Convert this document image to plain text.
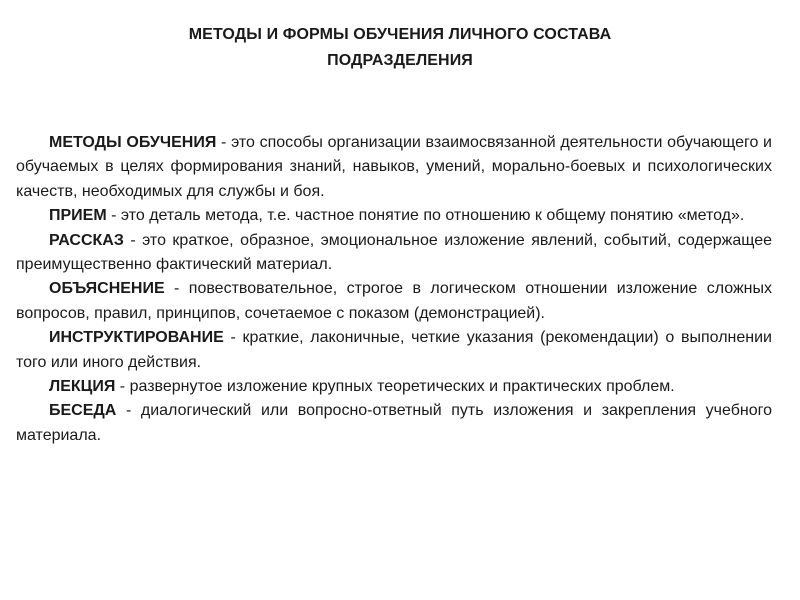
МЕТОДЫ И ФОРМЫ ОБУЧЕНИЯ ЛИЧНОГО СОСТАВА
ПОДРАЗДЕЛЕНИЯ

МЕТОДЫ ОБУЧЕНИЯ - это способы организации взаимосвязанной деятельности обучающего и обучаемых в целях формирования знаний, навыков, умений, морально-боевых и психологических качеств, необходимых для службы и боя.

ПРИЕМ - это деталь метода, т.е. частное понятие по отношению к общему понятию «метод».

РАССКАЗ - это краткое, образное, эмоциональное изложение явлений, событий, содержащее преимущественно фактический материал.

ОБЪЯСНЕНИЕ - повествовательное, строгое в логическом отношении изложение сложных вопросов, правил, принципов, сочетаемое с показом (демонстрацией).

ИНСТРУКТИРОВАНИЕ - краткие, лаконичные, четкие указания (рекомендации) о выполнении того или иного действия.

ЛЕКЦИЯ - развернутое изложение крупных теоретических и практических проблем.

БЕСЕДА - диалогический или вопросно-ответный путь изложения и закрепления учебного материала.
